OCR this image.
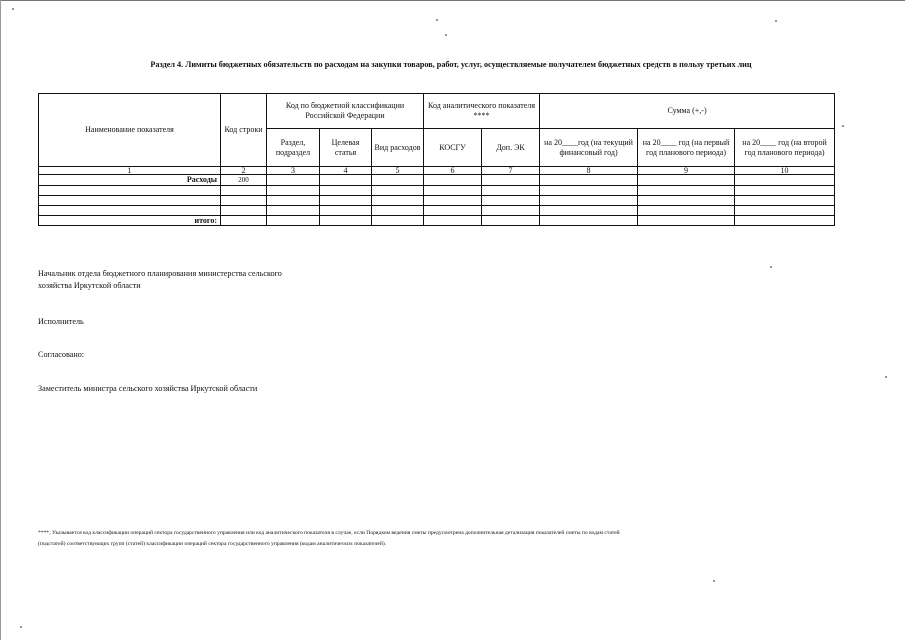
Раздел 4. Лимиты бюджетных обязательств по расходам на закупки товаров, работ, услуг, осуществляемые получателем бюджетных средств в пользу третьих лиц
Наименование показателя	Код строки	Код по бюджетной классификации Российской Федерации			Код аналитического показателя ****		Сумма (+,-)		
		Раздел, подраздел	Целевая статья	Вид расходов	КОСГУ	Доп. ЭК	на 20____год (на текущий финансовый год)	на 20____ год (на первый год планового периода)	на 20____ год (на второй год планового периода)
1	2	3	4	5	6	7	8	9	10
Расходы	200								

итого:									
Начальник отдела бюджетного планирования министерства сельского
хозяйства Иркутской области
Исполнитель
Согласовано:
Заместитель министра сельского хозяйства Иркутской области
****, Указывается код классификации операций сектора государственного управления или код аналитического показателя в случае, если Порядком ведения сметы предусмотрена дополнительная детализация показателей сметы по кодам статей
(подстатей) соответствующих групп (статей) классификации операций сектора государственного управления (кодам аналитических показателей).
